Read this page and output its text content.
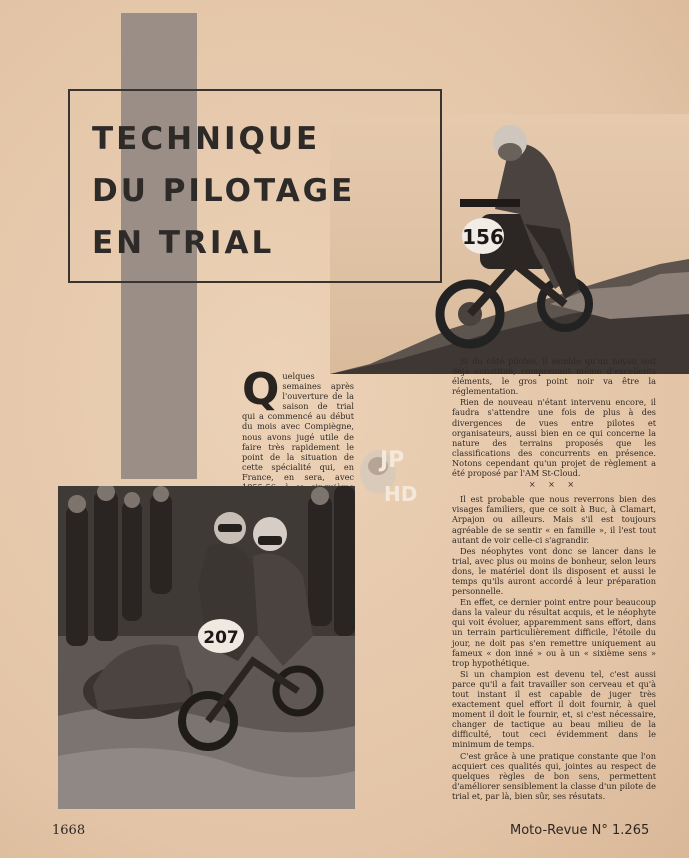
156
TECHNIQUE
DU PILOTAGE
EN TRIAL
Q uelques semaines après l'ouverture de la saison de trial qui a commencé au début du mois avec Compiègne, nous avons jugé utile de faire très rapidement le point de la situation de cette spécialité qui, en France, en sera, avec

JP
HD

Si du côté pilotes, il semble qu'un noyau soit déjà constitué, comprenant même d'excellents éléments, le gros point noir va être la réglementation.

Rien de nouveau n'étant intervenu encore, il faudra s'attendre une fois de plus à des divergences de vues entre pilotes et organisateurs, aussi bien en ce qui concerne la nature des terrains proposés que les classifications des concurrents en présence. Notons cependant qu'un projet de règlement a été proposé par l'AM St-Cloud.

× × ×

Il est probable que nous reverrons bien des visages familiers, que ce soit à Buc, à Clamart, Arpajon ou ailleurs. Mais s'il est toujours agréable de se sentir « en famille », il l'est tout autant de voir celle-ci s'agrandir.

Des néophytes vont donc se lancer dans le trial, avec plus ou moins de bonheur, selon leurs dons, le matériel dont ils disposent et aussi le temps qu'ils auront accordé à leur préparation personnelle.

En effet, ce dernier point entre pour beaucoup dans la valeur du résultat acquis, et le néophyte qui voit évoluer, apparemment sans effort, dans un terrain particulièrement difficile, l'étoile du jour, ne doit pas s'en remettre uniquement au fameux « don inné » ou à un « sixième sens » trop hypothétique.

Si un champion est devenu tel, c'est aussi parce qu'il a fait travailler son cerveau et qu'à tout instant il est capable de juger très exactement quel effort il doit fournir, à quel moment il doit le fournir, et, si c'est nécessaire, changer de tactique au beau milieu de la difficulté, tout ceci évidemment dans le minimum de temps.

C'est grâce à une pratique constante que l'on acquiert ces qualités qui, jointes au respect de quelques règles de bon sens, permettent d'améliorer sensiblement la classe d'un pilote de trial et, par là, bien sûr, ses résutats.

207
1668	Moto-Revue N° 1.265
